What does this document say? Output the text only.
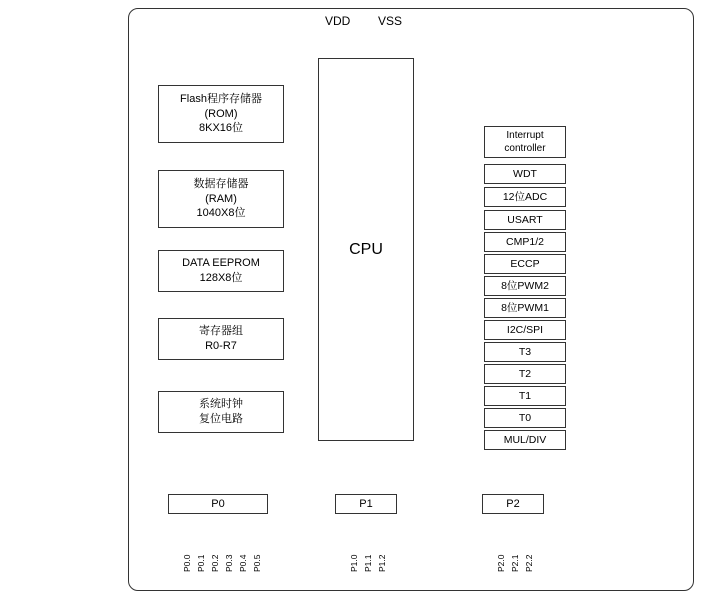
VDD VSS
CPU
Flash程序存储器
(ROM)
8KX16位
数据存储器
(RAM)
1040X8位
DATA EEPROM
128X8位
寄存器组
R0-R7
系统时钟
复位电路
Interrupt
controller
WDT
12位ADC
USART
CMP1/2
ECCP
8位PWM2
8位PWM1
I2C/SPI
T3
T2
T1
T0
MUL/DIV
P0	P1	P2
P0.0 P0.1 P0.2 P0.3 P0.4 P0.5	P1.0 P1.1 P1.2	P2.0 P2.1 P2.2
